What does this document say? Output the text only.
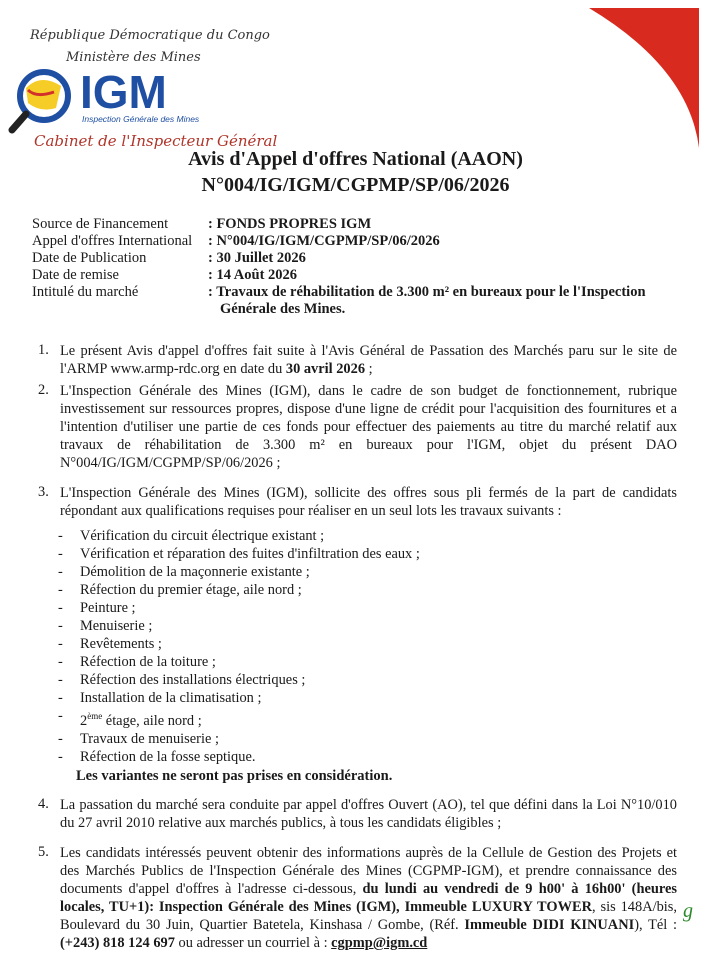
République Démocratique du Congo
Ministère des Mines
IGM
Inspection Générale des Mines
Cabinet de l'Inspecteur Général
Avis d'Appel d'offres National (AAON)
N°004/IG/IGM/CGPMP/SP/06/2026
Source de Financement	: FONDS PROPRES IGM
Appel d'offres International	: N°004/IG/IGM/CGPMP/SP/06/2026
Date de Publication	: 30 Juillet 2026
Date de remise	: 14 Août 2026
Intitulé du marché	: Travaux de réhabilitation de 3.300 m² en bureaux pour le l'Inspection
Générale des Mines.
1. Le présent Avis d'appel d'offres fait suite à l'Avis Général de Passation des Marchés paru sur le site de l'ARMP www.armp-rdc.org en date du 30 avril 2026 ;
2. L'Inspection Générale des Mines (IGM), dans le cadre de son budget de fonctionnement, rubrique investissement sur ressources propres, dispose d'une ligne de crédit pour l'acquisition des fournitures et a l'intention d'utiliser une partie de ces fonds pour effectuer des paiements au titre du marché relatif aux travaux de réhabilitation de 3.300 m² en bureaux pour l'IGM, objet du présent DAO N°004/IG/IGM/CGPMP/SP/06/2026 ;
3. L'Inspection Générale des Mines (IGM), sollicite des offres sous pli fermés de la part de candidats répondant aux qualifications requises pour réaliser en un seul lots les travaux suivants :
- Vérification du circuit électrique existant ;
- Vérification et réparation des fuites d'infiltration des eaux ;
- Démolition de la maçonnerie existante ;
- Réfection du premier étage, aile nord ;
- Peinture ;
- Menuiserie ;
- Revêtements ;
- Réfection de la toiture ;
- Réfection des installations électriques ;
- Installation de la climatisation ;
- 2ème étage, aile nord ;
- Travaux de menuiserie ;
- Réfection de la fosse septique.
Les variantes ne seront pas prises en considération.
4. La passation du marché sera conduite par appel d'offres Ouvert (AO), tel que défini dans la Loi N°10/010 du 27 avril 2010 relative aux marchés publics, à tous les candidats éligibles ;
5. Les candidats intéressés peuvent obtenir des informations auprès de la Cellule de Gestion des Projets et des Marchés Publics de l'Inspection Générale des Mines (CGPMP-IGM), et prendre connaissance des documents d'appel d'offres à l'adresse ci-dessous, du lundi au vendredi de 9 h00' à 16h00' (heures locales, TU+1): Inspection Générale des Mines (IGM), Immeuble LUXURY TOWER, sis 148A/bis, Boulevard du 30 Juin, Quartier Batetela, Kinshasa / Gombe, (Réf. Immeuble DIDI KINUANI), Tél : (+243) 818 124 697 ou adresser un courriel à : cgpmp@igm.cd
g
